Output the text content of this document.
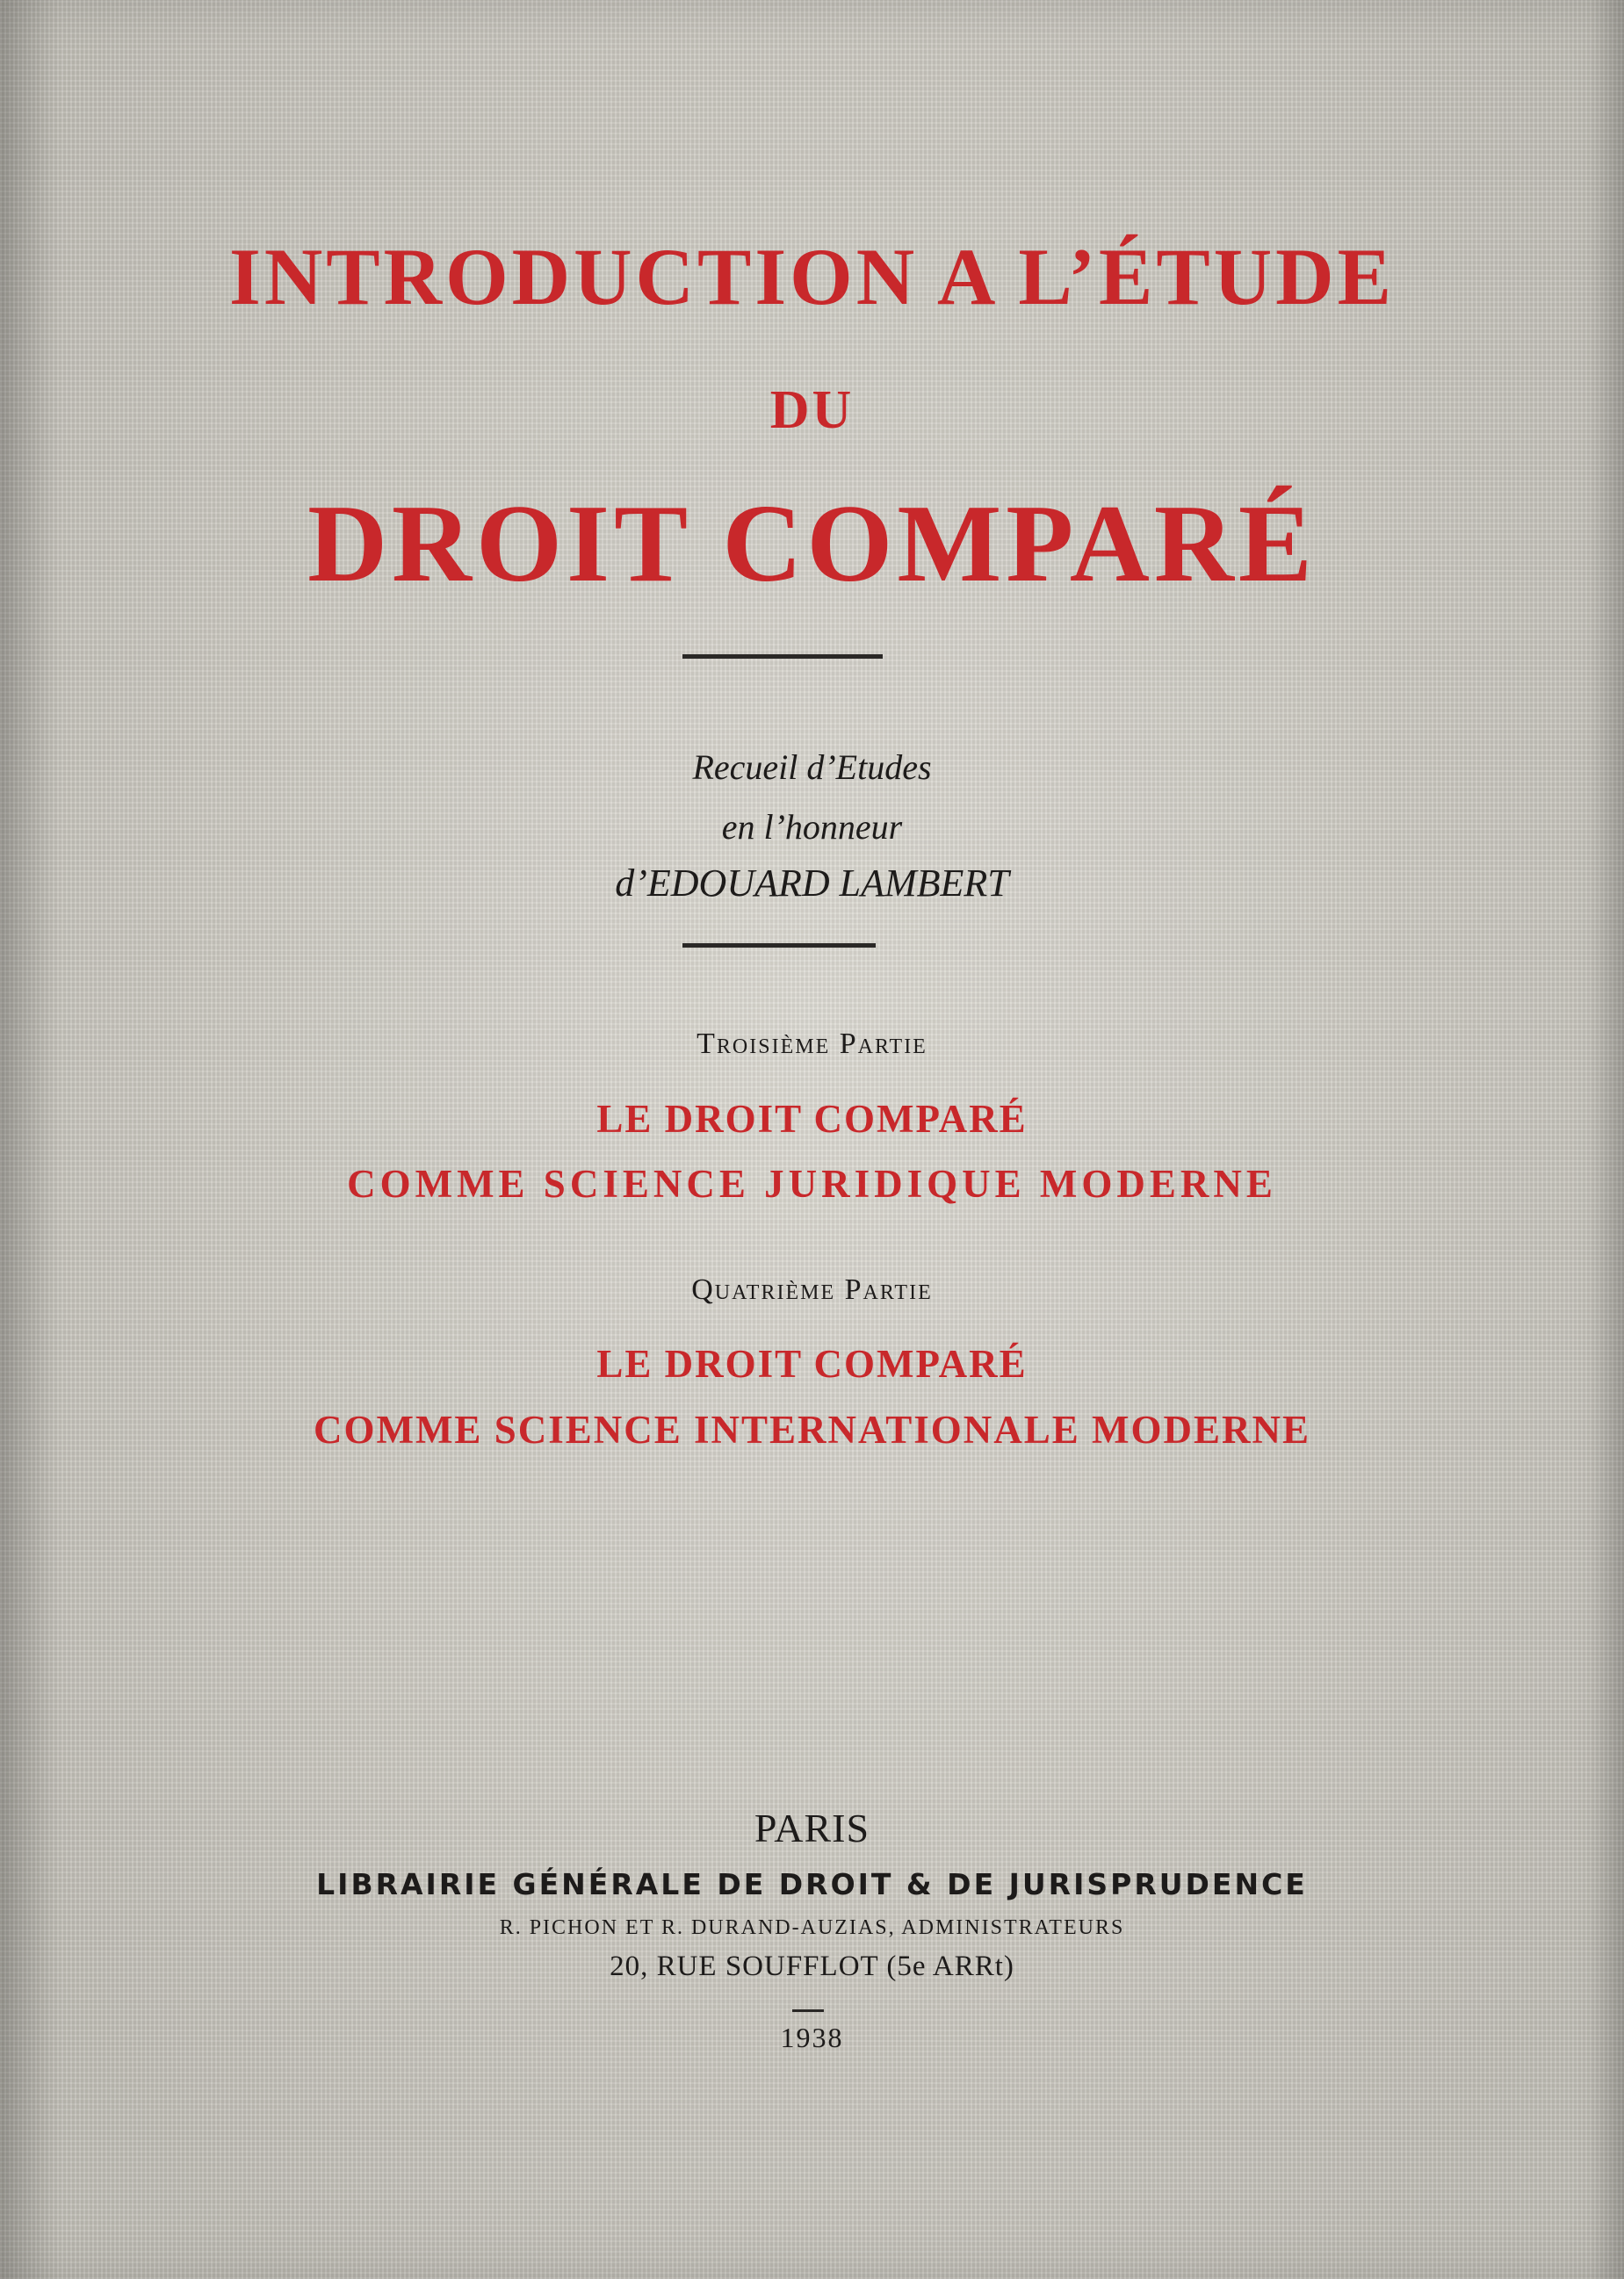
INTRODUCTION A L’ÉTUDE
DU
DROIT COMPARÉ

Recueil d’Etudes

en l’honneur

d’EDOUARD LAMBERT

Troisième Partie

LE DROIT COMPARÉ

COMME SCIENCE JURIDIQUE MODERNE

Quatrième Partie

LE DROIT COMPARÉ

COMME SCIENCE INTERNATIONALE MODERNE

PARIS

LIBRAIRIE GÉNÉRALE DE DROIT & DE JURISPRUDENCE

R. PICHON ET R. DURAND-AUZIAS, ADMINISTRATEURS

20, RUE SOUFFLOT (5e ARRt)

1938
